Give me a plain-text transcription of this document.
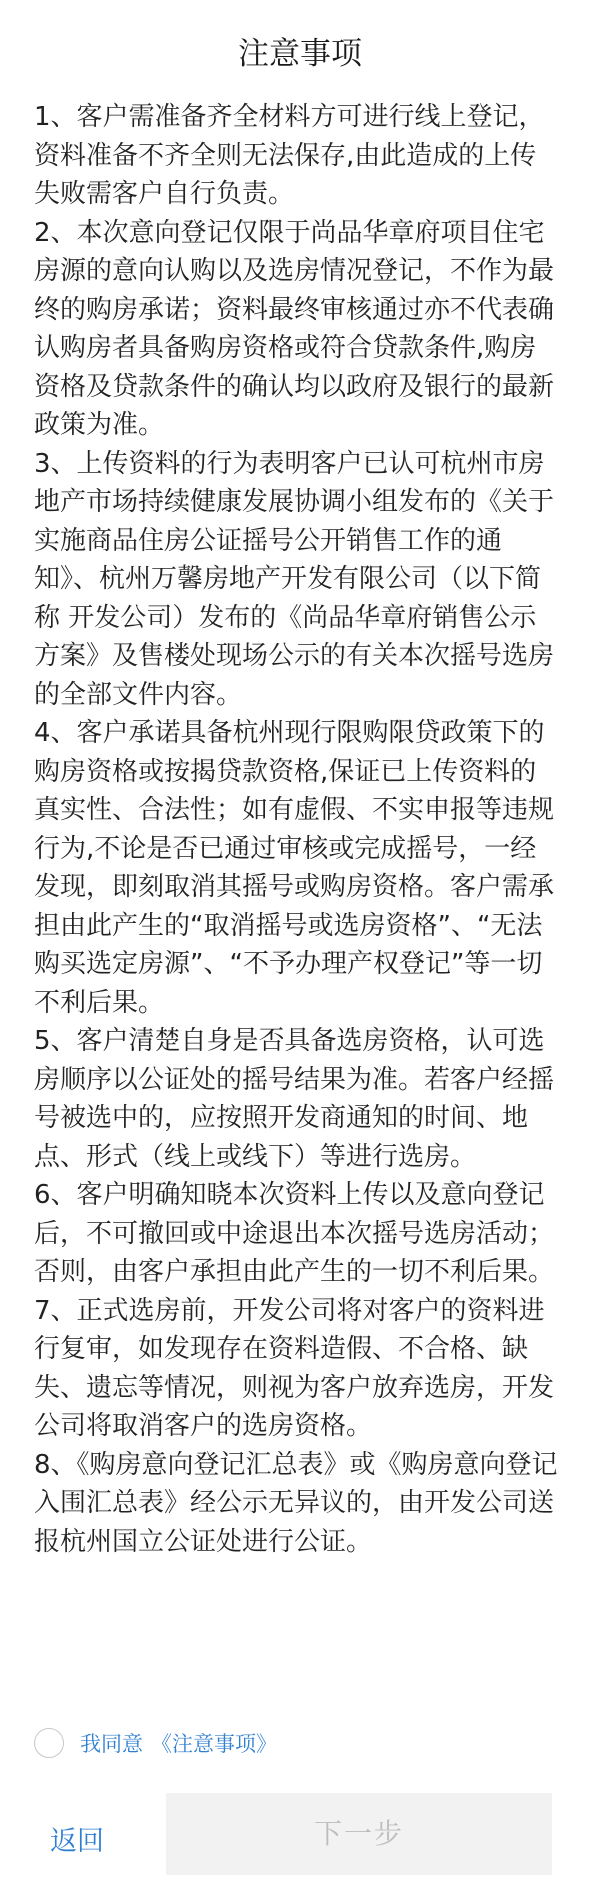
注意事项

1、客户需准备齐全材料方可进行线上登记，资料准备不齐全则无法保存,由此造成的上传失败需客户自行负责。

2、本次意向登记仅限于尚品华章府项目住宅房源的意向认购以及选房情况登记，不作为最终的购房承诺；资料最终审核通过亦不代表确认购房者具备购房资格或符合贷款条件,购房资格及贷款条件的确认均以政府及银行的最新政策为准。

3、上传资料的行为表明客户已认可杭州市房地产市场持续健康发展协调小组发布的《关于实施商品住房公证摇号公开销售工作的通知》、杭州万馨房地产开发有限公司（以下简称 开发公司）发布的《尚品华章府销售公示方案》及售楼处现场公示的有关本次摇号选房的全部文件内容。

4、客户承诺具备杭州现行限购限贷政策下的购房资格或按揭贷款资格,保证已上传资料的真实性、合法性；如有虚假、不实申报等违规行为,不论是否已通过审核或完成摇号，一经发现，即刻取消其摇号或购房资格。客户需承担由此产生的“取消摇号或选房资格”、“无法购买选定房源”、“不予办理产权登记”等一切不利后果。

5、客户清楚自身是否具备选房资格，认可选房顺序以公证处的摇号结果为准。若客户经摇号被选中的，应按照开发商通知的时间、地点、形式（线上或线下）等进行选房。

6、客户明确知晓本次资料上传以及意向登记后，不可撤回或中途退出本次摇号选房活动；否则，由客户承担由此产生的一切不利后果。

7、正式选房前，开发公司将对客户的资料进行复审，如发现存在资料造假、不合格、缺失、遗忘等情况，则视为客户放弃选房，开发公司将取消客户的选房资格。

8、《购房意向登记汇总表》或《购房意向登记入围汇总表》经公示无异议的，由开发公司送报杭州国立公证处进行公证。

我同意 《注意事项》
返回	下一步
